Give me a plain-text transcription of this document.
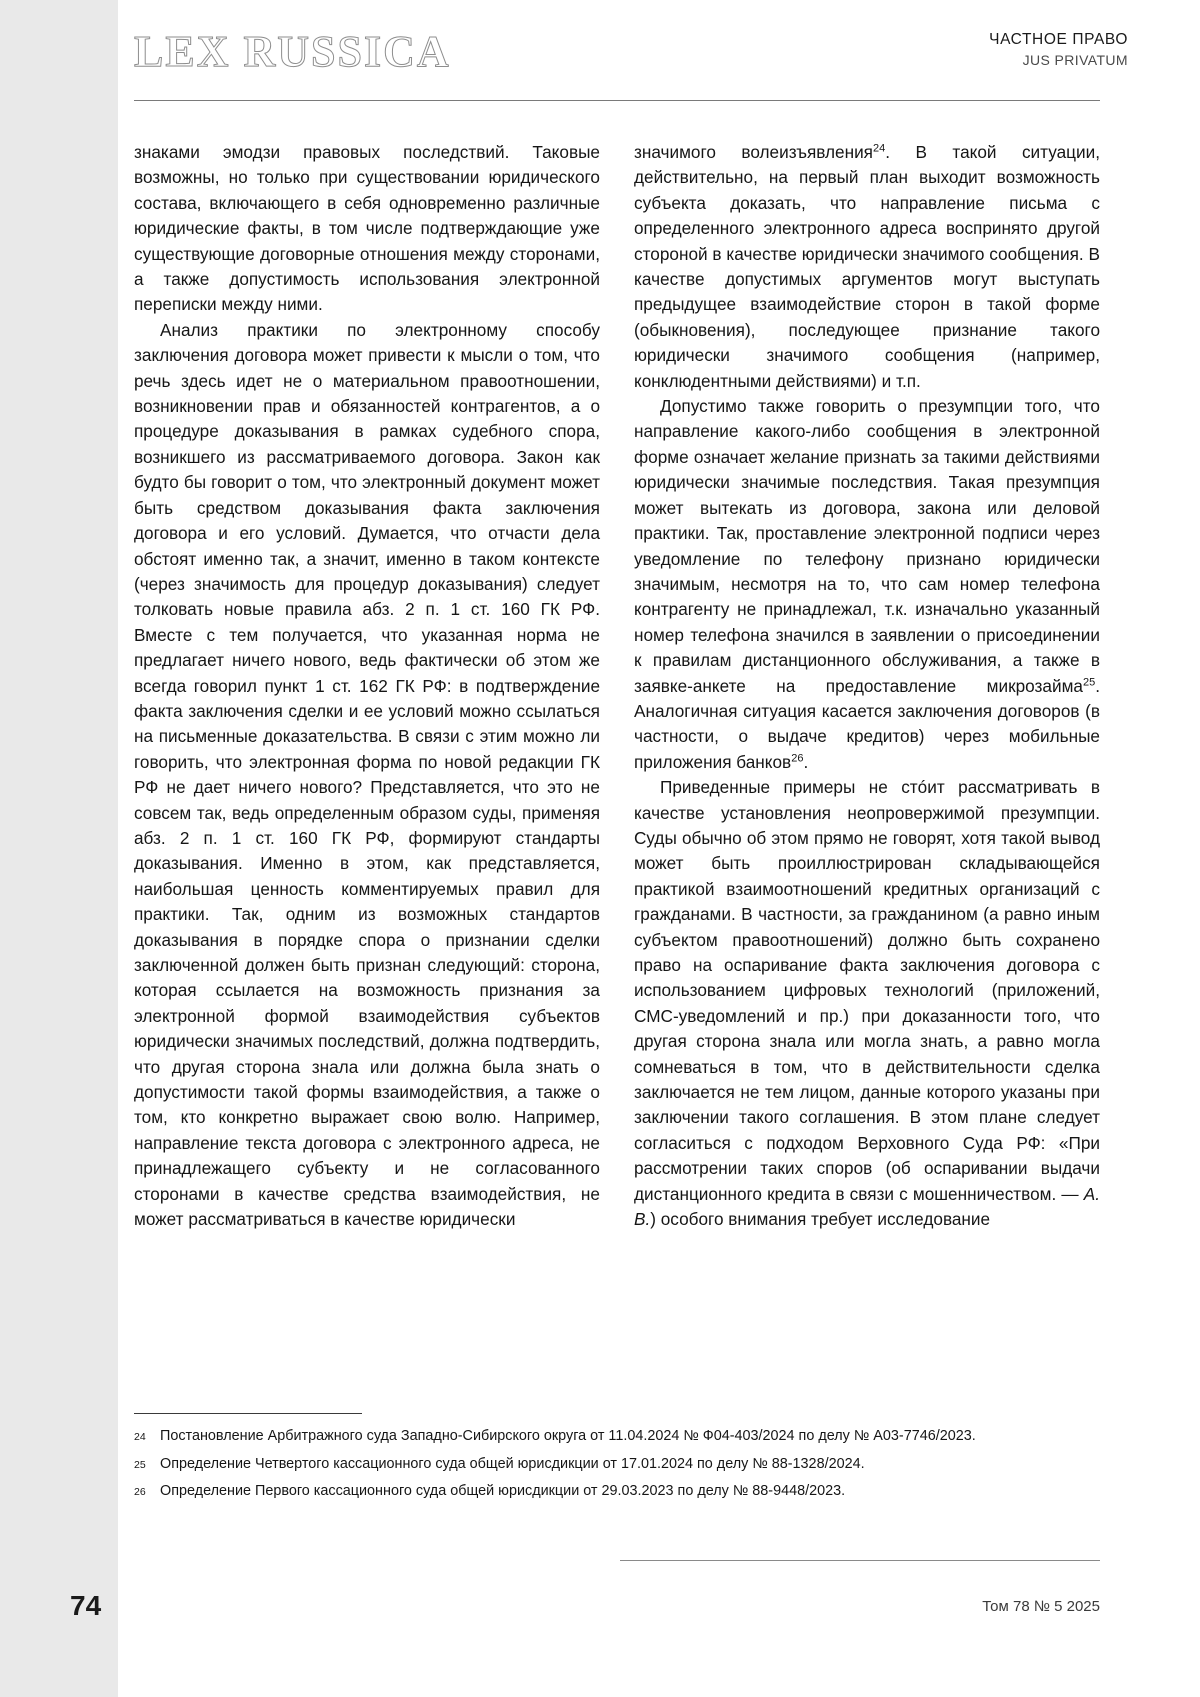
LEX RUSSICA	ЧАСТНОЕ ПРАВО
JUS PRIVATUM

знаками эмодзи правовых последствий. Таковые возможны, но только при существовании юридического состава, включающего в себя одновременно различные юридические факты, в том числе подтверждающие уже существующие договорные отношения между сторонами, а также допустимость использования электронной переписки между ними.

Анализ практики по электронному способу заключения договора может привести к мысли о том, что речь здесь идет не о материальном правоотношении, возникновении прав и обязанностей контрагентов, а о процедуре доказывания в рамках судебного спора, возникшего из рассматриваемого договора. Закон как будто бы говорит о том, что электронный документ может быть средством доказывания факта заключения договора и его условий. Думается, что отчасти дела обстоят именно так, а значит, именно в таком контексте (через значимость для процедур доказывания) следует толковать новые правила абз. 2 п. 1 ст. 160 ГК РФ. Вместе с тем получается, что указанная норма не предлагает ничего нового, ведь фактически об этом же всегда говорил пункт 1 ст. 162 ГК РФ: в подтверждение факта заключения сделки и ее условий можно ссылаться на письменные доказательства. В связи с этим можно ли говорить, что электронная форма по новой редакции ГК РФ не дает ничего нового? Представляется, что это не совсем так, ведь определенным образом суды, применяя абз. 2 п. 1 ст. 160 ГК РФ, формируют стандарты доказывания. Именно в этом, как представляется, наибольшая ценность комментируемых правил для практики. Так, одним из возможных стандартов доказывания в порядке спора о признании сделки заключенной должен быть признан следующий: сторона, которая ссылается на возможность признания за электронной формой взаимодействия субъектов юридически значимых последствий, должна подтвердить, что другая сторона знала или должна была знать о допустимости такой формы взаимодействия, а также о том, кто конкретно выражает свою волю. Например, направление текста договора с электронного адреса, не принадлежащего субъекту и не согласованного сторонами в качестве средства взаимодействия, не может рассматриваться в качестве юридически

значимого волеизъявления$^{24}$. В такой ситуации, действительно, на первый план выходит возможность субъекта доказать, что направление письма с определенного электронного адреса воспринято другой стороной в качестве юридически значимого сообщения. В качестве допустимых аргументов могут выступать предыдущее взаимодействие сторон в такой форме (обыкновения), последующее признание такого юридически значимого сообщения (например, конклюдентными действиями) и т.п.

Допустимо также говорить о презумпции того, что направление какого-либо сообщения в электронной форме означает желание признать за такими действиями юридически значимые последствия. Такая презумпция может вытекать из договора, закона или деловой практики. Так, проставление электронной подписи через уведомление по телефону признано юридически значимым, несмотря на то, что сам номер телефона контрагенту не принадлежал, т.к. изначально указанный номер телефона значился в заявлении о присоединении к правилам дистанционного обслуживания, а также в заявке-анкете на предоставление микрозайма$^{25}$. Аналогичная ситуация касается заключения договоров (в частности, о выдаче кредитов) через мобильные приложения банков$^{26}$.

Приведенные примеры не стóит рассматривать в качестве установления неопровержимой презумпции. Суды обычно об этом прямо не говорят, хотя такой вывод может быть проиллюстрирован складывающейся практикой взаимоотношений кредитных организаций с гражданами. В частности, за гражданином (а равно иным субъектом правоотношений) должно быть сохранено право на оспаривание факта заключения договора с использованием цифровых технологий (приложений, СМС-уведомлений и пр.) при доказанности того, что другая сторона знала или могла знать, а равно могла сомневаться в том, что в действительности сделка заключается не тем лицом, данные которого указаны при заключении такого соглашения. В этом плане следует согласиться с подходом Верховного Суда РФ: «При рассмотрении таких споров (об оспаривании выдачи дистанционного кредита в связи с мошенничеством. — А. В.) особого внимания требует исследование

24 Постановление Арбитражного суда Западно-Сибирского округа от 11.04.2024 № Ф04-403/2024 по делу № А03-7746/2023.
25 Определение Четвертого кассационного суда общей юрисдикции от 17.01.2024 по делу № 88-1328/2024.
26 Определение Первого кассационного суда общей юрисдикции от 29.03.2023 по делу № 88-9448/2023.
74	Том 78 № 5 2025
